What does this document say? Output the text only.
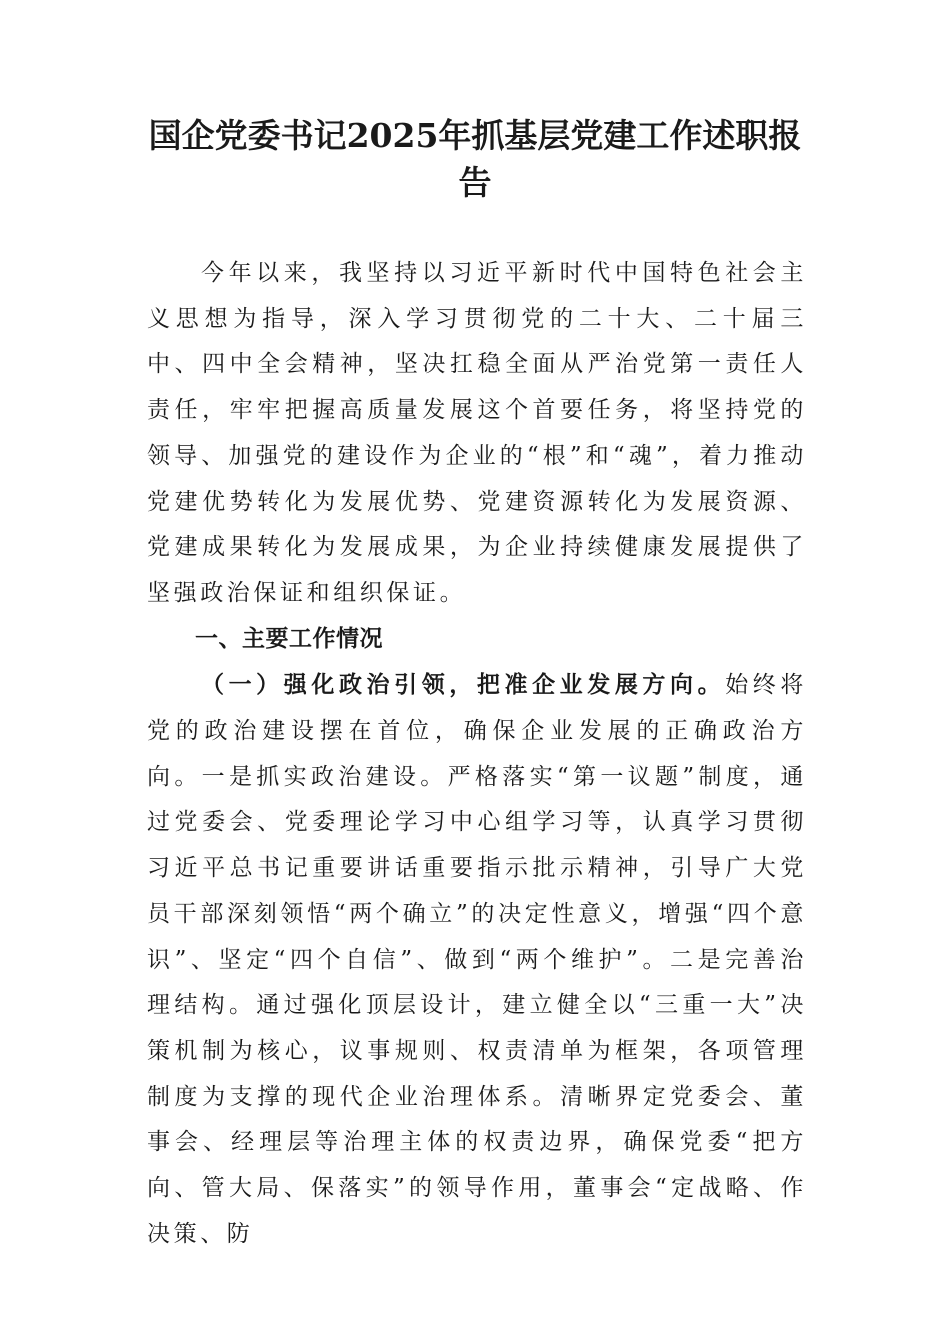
国企党委书记2025年抓基层党建工作述职报告

今年以来，我坚持以习近平新时代中国特色社会主义思想为指导，深入学习贯彻党的二十大、二十届三中、四中全会精神，坚决扛稳全面从严治党第一责任人责任，牢牢把握高质量发展这个首要任务，将坚持党的领导、加强党的建设作为企业的“根”和“魂”，着力推动党建优势转化为发展优势、党建资源转化为发展资源、党建成果转化为发展成果，为企业持续健康发展提供了坚强政治保证和组织保证。

一、主要工作情况

（一）强化政治引领，把准企业发展方向。始终将党的政治建设摆在首位，确保企业发展的正确政治方向。一是抓实政治建设。严格落实“第一议题”制度，通过党委会、党委理论学习中心组学习等，认真学习贯彻习近平总书记重要讲话重要指示批示精神，引导广大党员干部深刻领悟“两个确立”的决定性意义，增强“四个意识”、坚定“四个自信”、做到“两个维护”。二是完善治理结构。通过强化顶层设计，建立健全以“三重一大”决策机制为核心，议事规则、权责清单为框架，各项管理制度为支撑的现代企业治理体系。清晰界定党委会、董事会、经理层等治理主体的权责边界，确保党委“把方向、管大局、保落实”的领导作用，董事会“定战略、作决策、防
